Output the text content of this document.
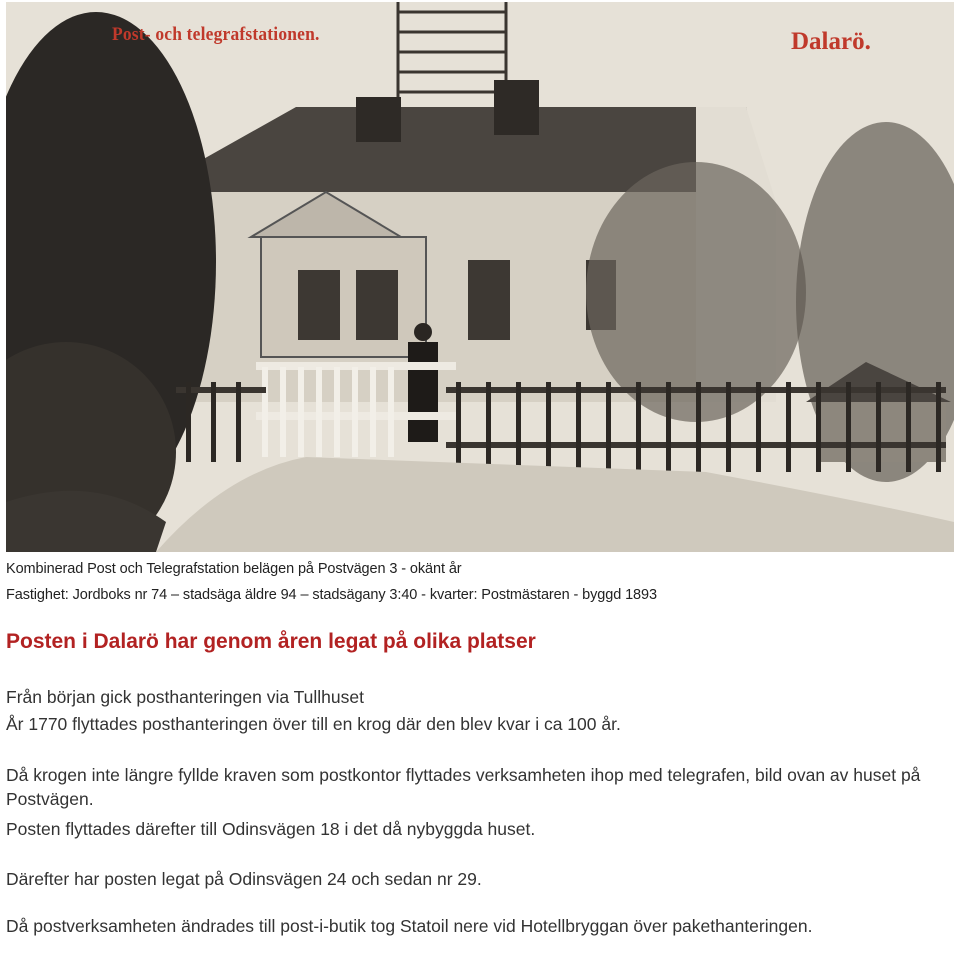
Post- och telegrafstationen.	Dalarö.
Kombinerad Post och Telegrafstation belägen på Postvägen 3 - okänt år
Fastighet: Jordboks nr 74 – stadsäga äldre 94 – stadsägany 3:40 - kvarter: Postmästaren - byggd 1893
Posten i Dalarö har genom åren legat på olika platser
Från början gick posthanteringen via Tullhuset
År 1770 flyttades posthanteringen över till en krog där den blev kvar i ca 100 år.
Då krogen inte längre fyllde kraven som postkontor flyttades verksamheten ihop med telegrafen, bild ovan av huset på Postvägen.
Posten flyttades därefter till Odinsvägen 18 i det då nybyggda huset.
Därefter har posten legat på Odinsvägen 24 och sedan nr 29.
Då postverksamheten ändrades till post-i-butik tog Statoil nere vid Hotellbryggan över pakethanteringen.
